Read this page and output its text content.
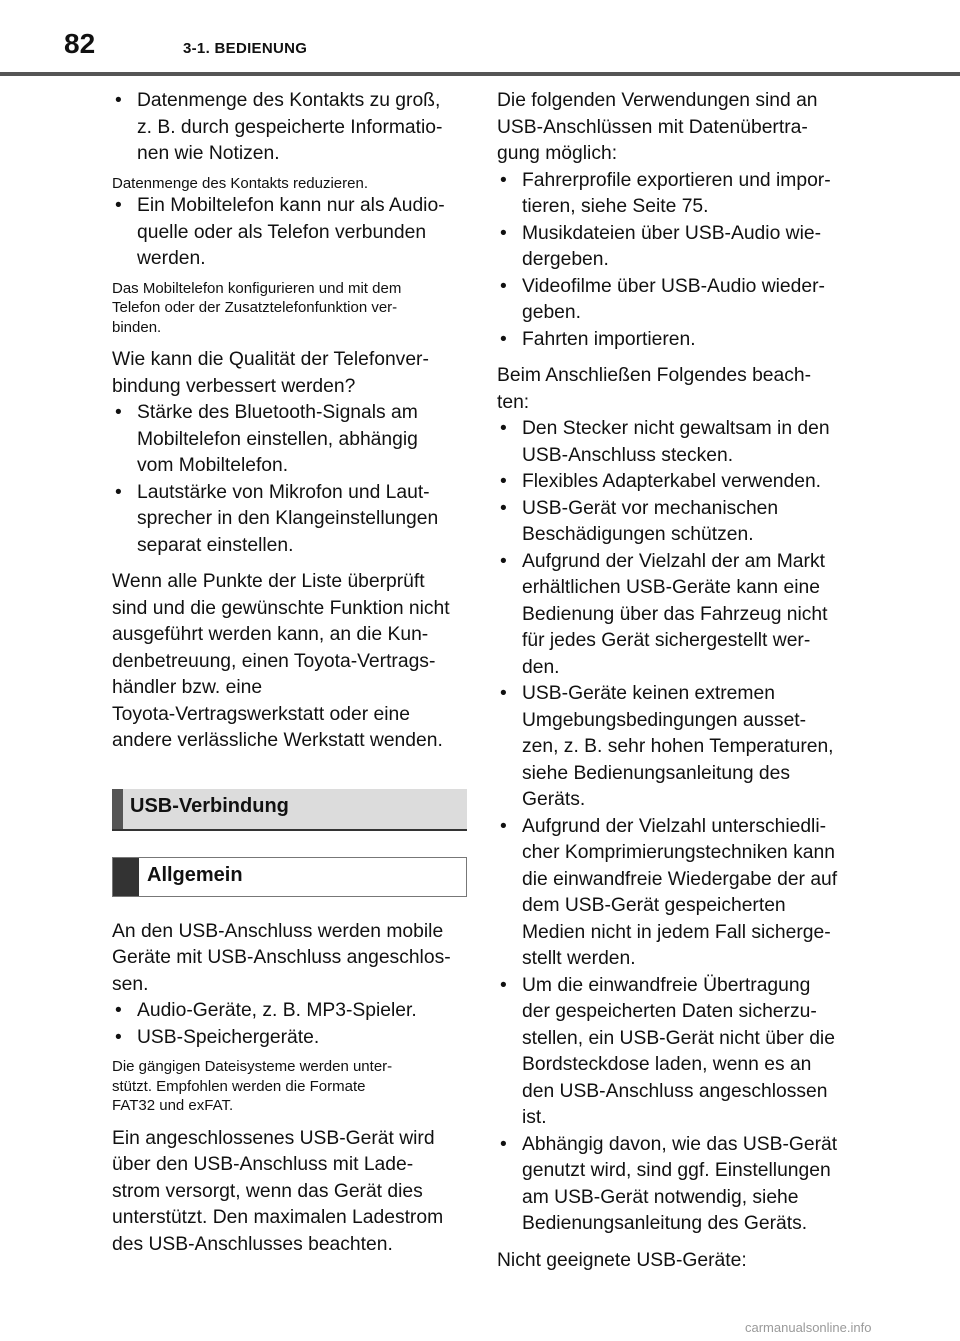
82	3-1. BEDIENUNG
• Datenmenge des Kontakts zu groß,
z. B. durch gespeicherte Informatio-
nen wie Notizen.
Datenmenge des Kontakts reduzieren.
• Ein Mobiltelefon kann nur als Audio-
quelle oder als Telefon verbunden
werden.
Das Mobiltelefon konfigurieren und mit dem
Telefon oder der Zusatztelefonfunktion ver-
binden.
Wie kann die Qualität der Telefonver-
bindung verbessert werden?
• Stärke des Bluetooth-Signals am
Mobiltelefon einstellen, abhängig
vom Mobiltelefon.
• Lautstärke von Mikrofon und Laut-
sprecher in den Klangeinstellungen
separat einstellen.
Wenn alle Punkte der Liste überprüft
sind und die gewünschte Funktion nicht
ausgeführt werden kann, an die Kun-
denbetreuung, einen Toyota-Vertrags-
händler bzw. eine
Toyota-Vertragswerkstatt oder eine
andere verlässliche Werkstatt wenden.
USB-Verbindung
Allgemein
An den USB-Anschluss werden mobile
Geräte mit USB-Anschluss angeschlos-
sen.
• Audio-Geräte, z. B. MP3-Spieler.
• USB-Speichergeräte.
Die gängigen Dateisysteme werden unter-
stützt. Empfohlen werden die Formate
FAT32 und exFAT.
Ein angeschlossenes USB-Gerät wird
über den USB-Anschluss mit Lade-
strom versorgt, wenn das Gerät dies
unterstützt. Den maximalen Ladestrom
des USB-Anschlusses beachten.
Die folgenden Verwendungen sind an
USB-Anschlüssen mit Datenübertra-
gung möglich:
• Fahrerprofile exportieren und impor-
tieren, siehe Seite 75.
• Musikdateien über USB-Audio wie-
dergeben.
• Videofilme über USB-Audio wieder-
geben.
• Fahrten importieren.
Beim Anschließen Folgendes beach-
ten:
• Den Stecker nicht gewaltsam in den
USB-Anschluss stecken.
• Flexibles Adapterkabel verwenden.
• USB-Gerät vor mechanischen
Beschädigungen schützen.
• Aufgrund der Vielzahl der am Markt
erhältlichen USB-Geräte kann eine
Bedienung über das Fahrzeug nicht
für jedes Gerät sichergestellt wer-
den.
• USB-Geräte keinen extremen
Umgebungsbedingungen ausset-
zen, z. B. sehr hohen Temperaturen,
siehe Bedienungsanleitung des
Geräts.
• Aufgrund der Vielzahl unterschiedli-
cher Komprimierungstechniken kann
die einwandfreie Wiedergabe der auf
dem USB-Gerät gespeicherten
Medien nicht in jedem Fall sicherge-
stellt werden.
• Um die einwandfreie Übertragung
der gespeicherten Daten sicherzu-
stellen, ein USB-Gerät nicht über die
Bordsteckdose laden, wenn es an
den USB-Anschluss angeschlossen
ist.
• Abhängig davon, wie das USB-Gerät
genutzt wird, sind ggf. Einstellungen
am USB-Gerät notwendig, siehe
Bedienungsanleitung des Geräts.
Nicht geeignete USB-Geräte:
carmanualsonline.info
